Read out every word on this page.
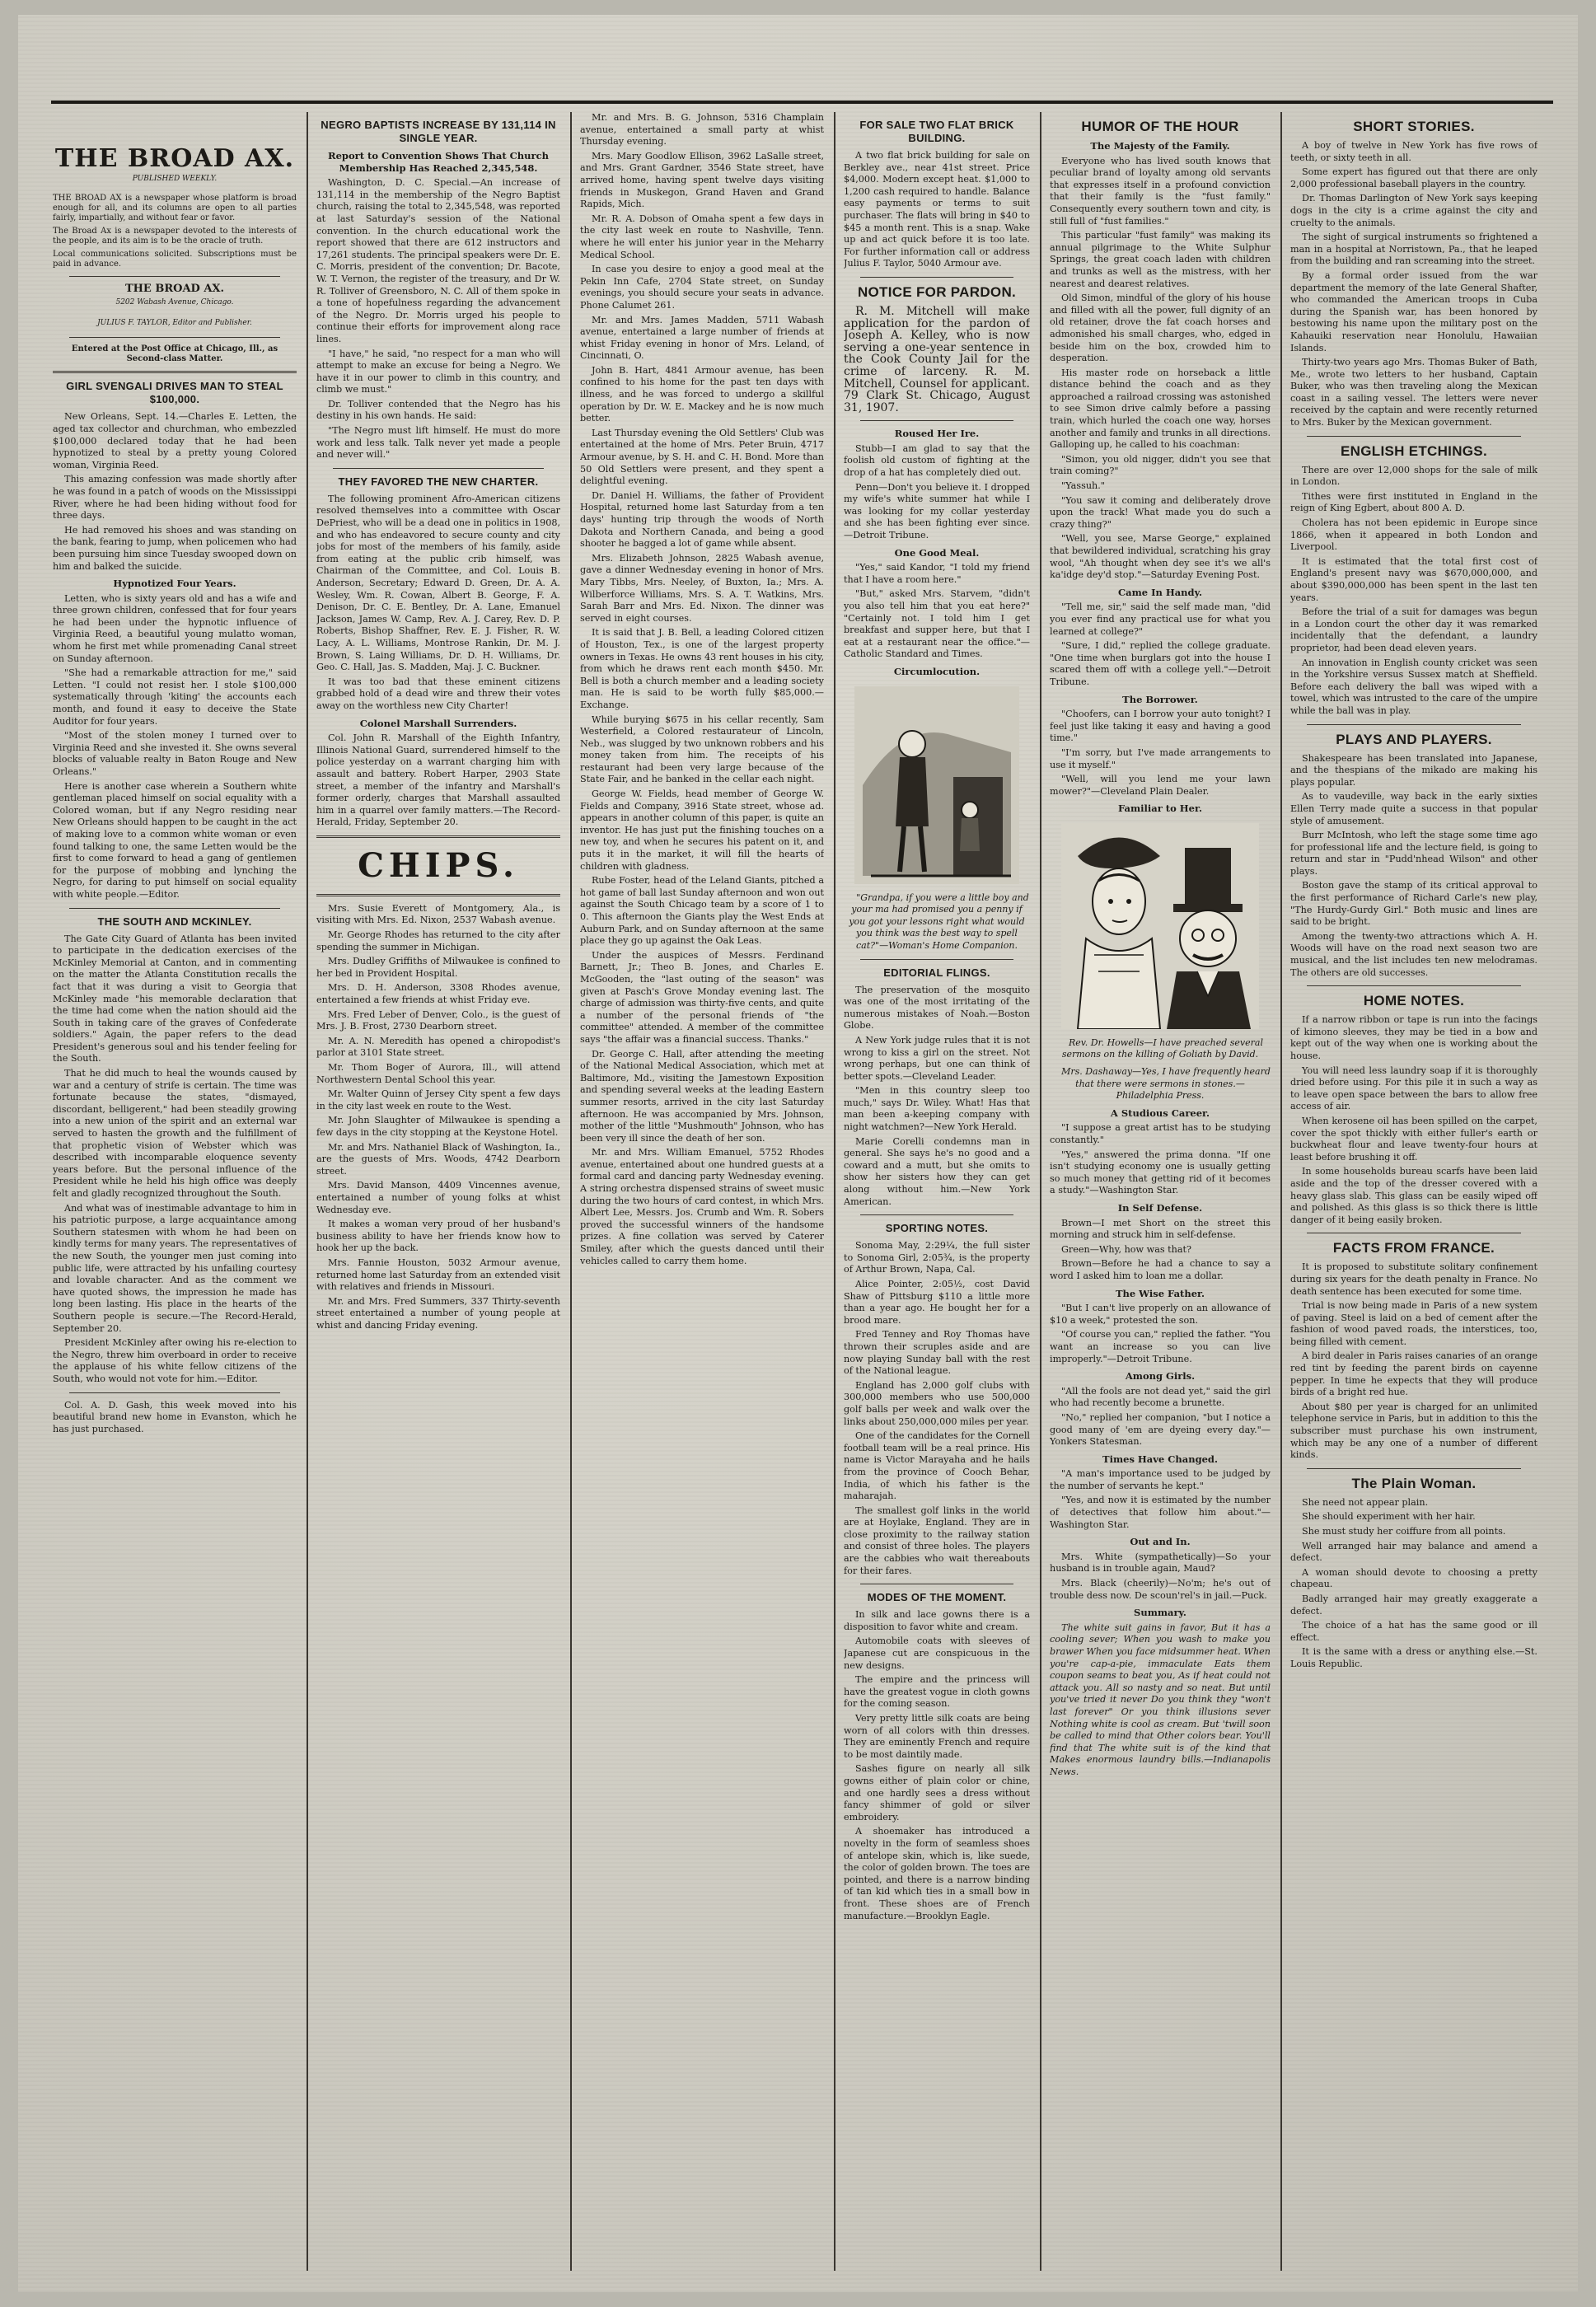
THE BROAD AX.
PUBLISHED WEEKLY.
THE BROAD AX is a newspaper whose platform is broad enough for all, and its columns are open to all parties fairly, impartially, and without fear or favor.
The Broad Ax is a newspaper devoted to the interests of the people, and its aim is to be the oracle of truth.
Local communications solicited. Subscriptions must be paid in advance.
THE BROAD AX.
5202 Wabash Avenue, Chicago.
JULIUS F. TAYLOR, Editor and Publisher.
Entered at the Post Office at Chicago, Ill., as Second-class Matter.
GIRL SVENGALI DRIVES MAN TO STEAL $100,000.

New Orleans, Sept. 14.—Charles E. Letten, the aged tax collector and churchman, who embezzled $100,000 declared today that he had been hypnotized to steal by a pretty young Colored woman, Virginia Reed.

This amazing confession was made shortly after he was found in a patch of woods on the Mississippi River, where he had been hiding without food for three days.

He had removed his shoes and was standing on the bank, fearing to jump, when policemen who had been pursuing him since Tuesday swooped down on him and balked the suicide.

Hypnotized Four Years.

Letten, who is sixty years old and has a wife and three grown children, confessed that for four years he had been under the hypnotic influence of Virginia Reed, a beautiful young mulatto woman, whom he first met while promenading Canal street on Sunday afternoon.

"She had a remarkable attraction for me," said Letten. "I could not resist her. I stole $100,000 systematically through 'kiting' the accounts each month, and found it easy to deceive the State Auditor for four years.

"Most of the stolen money I turned over to Virginia Reed and she invested it. She owns several blocks of valuable realty in Baton Rouge and New Orleans."

Here is another case wherein a Southern white gentleman placed himself on social equality with a Colored woman, but if any Negro residing near New Orleans should happen to be caught in the act of making love to a common white woman or even found talking to one, the same Letten would be the first to come forward to head a gang of gentlemen for the purpose of mobbing and lynching the Negro, for daring to put himself on social equality with white people.—Editor.

THE SOUTH AND MCKINLEY.

The Gate City Guard of Atlanta has been invited to participate in the dedication exercises of the McKinley Memorial at Canton, and in commenting on the matter the Atlanta Constitution recalls the fact that it was during a visit to Georgia that McKinley made "his memorable declaration that the time had come when the nation should aid the South in taking care of the graves of Confederate soldiers." Again, the paper refers to the dead President's generous soul and his tender feeling for the South.

That he did much to heal the wounds caused by war and a century of strife is certain. The time was fortunate because the states, "dismayed, discordant, belligerent," had been steadily growing into a new union of the spirit and an external war served to hasten the growth and the fulfillment of that prophetic vision of Webster which was described with incomparable eloquence seventy years before. But the personal influence of the President while he held his high office was deeply felt and gladly recognized throughout the South.

And what was of inestimable advantage to him in his patriotic purpose, a large acquaintance among Southern statesmen with whom he had been on kindly terms for many years. The representatives of the new South, the younger men just coming into public life, were attracted by his unfailing courtesy and lovable character. And as the comment we have quoted shows, the impression he made has long been lasting. His place in the hearts of the Southern people is secure.—The Record-Herald, September 20.

President McKinley after owing his re-election to the Negro, threw him overboard in order to receive the applause of his white fellow citizens of the South, who would not vote for him.—Editor.

Col. A. D. Gash, this week moved into his beautiful brand new home in Evanston, which he has just purchased.

NEGRO BAPTISTS INCREASE BY 131,114 IN SINGLE YEAR.
Report to Convention Shows That Church Membership Has Reached 2,345,548.

Washington, D. C. Special.—An increase of 131,114 in the membership of the Negro Baptist church, raising the total to 2,345,548, was reported at last Saturday's session of the National convention. In the church educational work the report showed that there are 612 instructors and 17,261 students. The principal speakers were Dr. E. C. Morris, president of the convention; Dr. Bacote, W. T. Vernon, the register of the treasury, and Dr W. R. Tolliver of Greensboro, N. C. All of them spoke in a tone of hopefulness regarding the advancement of the Negro. Dr. Morris urged his people to continue their efforts for improvement along race lines.

"I have," he said, "no respect for a man who will attempt to make an excuse for being a Negro. We have it in our power to climb in this country, and climb we must."

Dr. Tolliver contended that the Negro has his destiny in his own hands. He said:

"The Negro must lift himself. He must do more work and less talk. Talk never yet made a people and never will."

THEY FAVORED THE NEW CHARTER.

The following prominent Afro-American citizens resolved themselves into a committee with Oscar DePriest, who will be a dead one in politics in 1908, and who has endeavored to secure county and city jobs for most of the members of his family, aside from eating at the public crib himself, was Chairman of the Committee, and Col. Louis B. Anderson, Secretary; Edward D. Green, Dr. A. A. Wesley, Wm. R. Cowan, Albert B. George, F. A. Denison, Dr. C. E. Bentley, Dr. A. Lane, Emanuel Jackson, James W. Camp, Rev. A. J. Carey, Rev. D. P. Roberts, Bishop Shaffner, Rev. E. J. Fisher, R. W. Lacy, A. L. Williams, Montrose Rankin, Dr. M. J. Brown, S. Laing Williams, Dr. D. H. Williams, Dr. Geo. C. Hall, Jas. S. Madden, Maj. J. C. Buckner.

It was too bad that these eminent citizens grabbed hold of a dead wire and threw their votes away on the worthless new City Charter!

Colonel Marshall Surrenders.

Col. John R. Marshall of the Eighth Infantry, Illinois National Guard, surrendered himself to the police yesterday on a warrant charging him with assault and battery. Robert Harper, 2903 State street, a member of the infantry and Marshall's former orderly, charges that Marshall assaulted him in a quarrel over family matters.—The Record-Herald, Friday, September 20.

CHIPS.

Mrs. Susie Everett of Montgomery, Ala., is visiting with Mrs. Ed. Nixon, 2537 Wabash avenue.

Mr. George Rhodes has returned to the city after spending the summer in Michigan.

Mrs. Dudley Griffiths of Milwaukee is confined to her bed in Provident Hospital.

Mrs. D. H. Anderson, 3308 Rhodes avenue, entertained a few friends at whist Friday eve.

Mrs. Fred Leber of Denver, Colo., is the guest of Mrs. J. B. Frost, 2730 Dearborn street.

Mr. A. N. Meredith has opened a chiropodist's parlor at 3101 State street.

Mr. Thom Boger of Aurora, Ill., will attend Northwestern Dental School this year.

Mr. Walter Quinn of Jersey City spent a few days in the city last week en route to the West.

Mr. John Slaughter of Milwaukee is spending a few days in the city stopping at the Keystone Hotel.

Mr. and Mrs. Nathaniel Black of Washington, Ia., are the guests of Mrs. Woods, 4742 Dearborn street.

Mrs. David Manson, 4409 Vincennes avenue, entertained a number of young folks at whist Wednesday eve.

It makes a woman very proud of her husband's business ability to have her friends know how to hook her up the back.

Mrs. Fannie Houston, 5032 Armour avenue, returned home last Saturday from an extended visit with relatives and friends in Missouri.

Mr. and Mrs. Fred Summers, 337 Thirty-seventh street entertained a number of young people at whist and dancing Friday evening.

Mr. and Mrs. B. G. Johnson, 5316 Champlain avenue, entertained a small party at whist Thursday evening.

Mrs. Mary Goodlow Ellison, 3962 LaSalle street, and Mrs. Grant Gardner, 3546 State street, have arrived home, having spent twelve days visiting friends in Muskegon, Grand Haven and Grand Rapids, Mich.

Mr. R. A. Dobson of Omaha spent a few days in the city last week en route to Nashville, Tenn. where he will enter his junior year in the Meharry Medical School.

In case you desire to enjoy a good meal at the Pekin Inn Cafe, 2704 State street, on Sunday evenings, you should secure your seats in advance. Phone Calumet 261.

Mr. and Mrs. James Madden, 5711 Wabash avenue, entertained a large number of friends at whist Friday evening in honor of Mrs. Leland, of Cincinnati, O.

John B. Hart, 4841 Armour avenue, has been confined to his home for the past ten days with illness, and he was forced to undergo a skillful operation by Dr. W. E. Mackey and he is now much better.

Last Thursday evening the Old Settlers' Club was entertained at the home of Mrs. Peter Bruin, 4717 Armour avenue, by S. H. and C. H. Bond. More than 50 Old Settlers were present, and they spent a delightful evening.

Dr. Daniel H. Williams, the father of Provident Hospital, returned home last Saturday from a ten days' hunting trip through the woods of North Dakota and Northern Canada, and being a good shooter he bagged a lot of game while absent.

Mrs. Elizabeth Johnson, 2825 Wabash avenue, gave a dinner Wednesday evening in honor of Mrs. Mary Tibbs, Mrs. Neeley, of Buxton, Ia.; Mrs. A. Wilberforce Williams, Mrs. S. A. T. Watkins, Mrs. Sarah Barr and Mrs. Ed. Nixon. The dinner was served in eight courses.

It is said that J. B. Bell, a leading Colored citizen of Houston, Tex., is one of the largest property owners in Texas. He owns 43 rent houses in his city, from which he draws rent each month $450. Mr. Bell is both a church member and a leading society man. He is said to be worth fully $85,000.—Exchange.

While burying $675 in his cellar recently, Sam Westerfield, a Colored restaurateur of Lincoln, Neb., was slugged by two unknown robbers and his money taken from him. The receipts of his restaurant had been very large because of the State Fair, and he banked in the cellar each night.

George W. Fields, head member of George W. Fields and Company, 3916 State street, whose ad. appears in another column of this paper, is quite an inventor. He has just put the finishing touches on a new toy, and when he secures his patent on it, and puts it in the market, it will fill the hearts of children with gladness.

Rube Foster, head of the Leland Giants, pitched a hot game of ball last Sunday afternoon and won out against the South Chicago team by a score of 1 to 0. This afternoon the Giants play the West Ends at Auburn Park, and on Sunday afternoon at the same place they go up against the Oak Leas.

Under the auspices of Messrs. Ferdinand Barnett, Jr.; Theo B. Jones, and Charles E. McGooden, the "last outing of the season" was given at Pasch's Grove Monday evening last. The charge of admission was thirty-five cents, and quite a number of the personal friends of "the committee" attended. A member of the committee says "the affair was a financial success. Thanks."

Dr. George C. Hall, after attending the meeting of the National Medical Association, which met at Baltimore, Md., visiting the Jamestown Exposition and spending several weeks at the leading Eastern summer resorts, arrived in the city last Saturday afternoon. He was accompanied by Mrs. Johnson, mother of the little "Mushmouth" Johnson, who has been very ill since the death of her son.

Mr. and Mrs. William Emanuel, 5752 Rhodes avenue, entertained about one hundred guests at a formal card and dancing party Wednesday evening. A string orchestra dispensed strains of sweet music during the two hours of card contest, in which Mrs. Albert Lee, Messrs. Jos. Crumb and Wm. R. Sobers proved the successful winners of the handsome prizes. A fine collation was served by Caterer Smiley, after which the guests danced until their vehicles called to carry them home.

FOR SALE TWO FLAT BRICK BUILDING.

A two flat brick building for sale on Berkley ave., near 41st street. Price $4,000. Modern except heat. $1,000 to 1,200 cash required to handle. Balance easy payments or terms to suit purchaser. The flats will bring in $40 to $45 a month rent. This is a snap. Wake up and act quick before it is too late. For further information call or address Julius F. Taylor, 5040 Armour ave.

NOTICE FOR PARDON.

R. M. Mitchell will make application for the pardon of Joseph A. Kelley, who is now serving a one-year sentence in the Cook County Jail for the crime of larceny. R. M. Mitchell, Counsel for applicant. 79 Clark St. Chicago, August 31, 1907.

Roused Her Ire.

Stubb—I am glad to say that the foolish old custom of fighting at the drop of a hat has completely died out.

Penn—Don't you believe it. I dropped my wife's white summer hat while I was looking for my collar yesterday and she has been fighting ever since. —Detroit Tribune.

One Good Meal.

"Yes," said Kandor, "I told my friend that I have a room here."

"But," asked Mrs. Starvem, "didn't you also tell him that you eat here?" "Certainly not. I told him I get breakfast and supper here, but that I eat at a restaurant near the office."—Catholic Standard and Times.

Circumlocution.

"Grandpa, if you were a little boy and your ma had promised you a penny if you got your lessons right what would you think was the best way to spell cat?"—Woman's Home Companion.

EDITORIAL FLINGS.

The preservation of the mosquito was one of the most irritating of the numerous mistakes of Noah.—Boston Globe.

A New York judge rules that it is not wrong to kiss a girl on the street. Not wrong perhaps, but one can think of better spots.—Cleveland Leader.

"Men in this country sleep too much," says Dr. Wiley. What! Has that man been a-keeping company with night watchmen?—New York Herald.

Marie Corelli condemns man in general. She says he's no good and a coward and a mutt, but she omits to show her sisters how they can get along without him.—New York American.

SPORTING NOTES.

Sonoma May, 2:29¼, the full sister to Sonoma Girl, 2:05¾, is the property of Arthur Brown, Napa, Cal.

Alice Pointer, 2:05½, cost David Shaw of Pittsburg $110 a little more than a year ago. He bought her for a brood mare.

Fred Tenney and Roy Thomas have thrown their scruples aside and are now playing Sunday ball with the rest of the National league.

England has 2,000 golf clubs with 300,000 members who use 500,000 golf balls per week and walk over the links about 250,000,000 miles per year.

One of the candidates for the Cornell football team will be a real prince. His name is Victor Marayaha and he hails from the province of Cooch Behar, India, of which his father is the maharajah.

The smallest golf links in the world are at Hoylake, England. They are in close proximity to the railway station and consist of three holes. The players are the cabbies who wait thereabouts for their fares.

MODES OF THE MOMENT.

In silk and lace gowns there is a disposition to favor white and cream.

Automobile coats with sleeves of Japanese cut are conspicuous in the new designs.

The empire and the princess will have the greatest vogue in cloth gowns for the coming season.

Very pretty little silk coats are being worn of all colors with thin dresses. They are eminently French and require to be most daintily made.

Sashes figure on nearly all silk gowns either of plain color or chine, and one hardly sees a dress without fancy shimmer of gold or silver embroidery.

A shoemaker has introduced a novelty in the form of seamless shoes of antelope skin, which is, like suede, the color of golden brown. The toes are pointed, and there is a narrow binding of tan kid which ties in a small bow in front. These shoes are of French manufacture.—Brooklyn Eagle.

HUMOR OF THE HOUR
The Majesty of the Family.

Everyone who has lived south knows that peculiar brand of loyalty among old servants that expresses itself in a profound conviction that their family is the "fust family." Consequently every southern town and city, is still full of "fust families."

This particular "fust family" was making its annual pilgrimage to the White Sulphur Springs, the great coach laden with children and trunks as well as the mistress, with her nearest and dearest relatives.

Old Simon, mindful of the glory of his house and filled with all the power, full dignity of an old retainer, drove the fat coach horses and admonished his small charges, who, edged in beside him on the box, crowded him to desperation.

His master rode on horseback a little distance behind the coach and as they approached a railroad crossing was astonished to see Simon drive calmly before a passing train, which hurled the coach one way, horses another and family and trunks in all directions. Galloping up, he called to his coachman:

"Simon, you old nigger, didn't you see that train coming?"

"Yassuh."

"You saw it coming and deliberately drove upon the track! What made you do such a crazy thing?"

"Well, you see, Marse George," explained that bewildered individual, scratching his gray wool, "Ah thought when dey see it's we all's ka'idge dey'd stop."—Saturday Evening Post.

Came In Handy.

"Tell me, sir," said the self made man, "did you ever find any practical use for what you learned at college?"

"Sure, I did," replied the college graduate. "One time when burglars got into the house I scared them off with a college yell."—Detroit Tribune.

The Borrower.

"Choofers, can I borrow your auto tonight? I feel just like taking it easy and having a good time."

"I'm sorry, but I've made arrangements to use it myself."

"Well, will you lend me your lawn mower?"—Cleveland Plain Dealer.

Familiar to Her.

Rev. Dr. Howells—I have preached several sermons on the killing of Goliath by David.

Mrs. Dashaway—Yes, I have frequently heard that there were sermons in stones.—Philadelphia Press.

A Studious Career.

"I suppose a great artist has to be studying constantly."

"Yes," answered the prima donna. "If one isn't studying economy one is usually getting so much money that getting rid of it becomes a study."—Washington Star.

In Self Defense.

Brown—I met Short on the street this morning and struck him in self-defense.

Green—Why, how was that?

Brown—Before he had a chance to say a word I asked him to loan me a dollar.

The Wise Father.

"But I can't live properly on an allowance of $10 a week," protested the son.

"Of course you can," replied the father. "You want an increase so you can live improperly."—Detroit Tribune.

Among Girls.

"All the fools are not dead yet," said the girl who had recently become a brunette.

"No," replied her companion, "but I notice a good many of 'em are dyeing every day."—Yonkers Statesman.

Times Have Changed.

"A man's importance used to be judged by the number of servants he kept."

"Yes, and now it is estimated by the number of detectives that follow him about."—Washington Star.

Out and In.

Mrs. White (sympathetically)—So your husband is in trouble again, Maud?

Mrs. Black (cheerily)—No'm; he's out of trouble dess now. De scoun'rel's in jail.—Puck.

Summary.

The white suit gains in favor, But it has a cooling sever; When you wash to make you brawer When you face midsummer heat. When you're cap-a-pie, immaculate Eats them coupon seams to beat you, As if heat could not attack you. All so nasty and so neat. But until you've tried it never Do you think they "won't last forever" Or you think illusions sever Nothing white is cool as cream. But 'twill soon be called to mind that Other colors bear. You'll find that The white suit is of the kind that Makes enormous laundry bills.—Indianapolis News.

SHORT STORIES.

A boy of twelve in New York has five rows of teeth, or sixty teeth in all.

Some expert has figured out that there are only 2,000 professional baseball players in the country.

Dr. Thomas Darlington of New York says keeping dogs in the city is a crime against the city and cruelty to the animals.

The sight of surgical instruments so frightened a man in a hospital at Norristown, Pa., that he leaped from the building and ran screaming into the street.

By a formal order issued from the war department the memory of the late General Shafter, who commanded the American troops in Cuba during the Spanish war, has been honored by bestowing his name upon the military post on the Kahauiki reservation near Honolulu, Hawaiian Islands.

Thirty-two years ago Mrs. Thomas Buker of Bath, Me., wrote two letters to her husband, Captain Buker, who was then traveling along the Mexican coast in a sailing vessel. The letters were never received by the captain and were recently returned to Mrs. Buker by the Mexican government.

ENGLISH ETCHINGS.

There are over 12,000 shops for the sale of milk in London.

Tithes were first instituted in England in the reign of King Egbert, about 800 A. D.

Cholera has not been epidemic in Europe since 1866, when it appeared in both London and Liverpool.

It is estimated that the total first cost of England's present navy was $670,000,000, and about $390,000,000 has been spent in the last ten years.

Before the trial of a suit for damages was begun in a London court the other day it was remarked incidentally that the defendant, a laundry proprietor, had been dead eleven years.

An innovation in English county cricket was seen in the Yorkshire versus Sussex match at Sheffield. Before each delivery the ball was wiped with a towel, which was intrusted to the care of the umpire while the ball was in play.

PLAYS AND PLAYERS.

Shakespeare has been translated into Japanese, and the thespians of the mikado are making his plays popular.

As to vaudeville, way back in the early sixties Ellen Terry made quite a success in that popular style of amusement.

Burr McIntosh, who left the stage some time ago for professional life and the lecture field, is going to return and star in "Pudd'nhead Wilson" and other plays.

Boston gave the stamp of its critical approval to the first performance of Richard Carle's new play, "The Hurdy-Gurdy Girl." Both music and lines are said to be bright.

Among the twenty-two attractions which A. H. Woods will have on the road next season two are musical, and the list includes ten new melodramas. The others are old successes.

HOME NOTES.

If a narrow ribbon or tape is run into the facings of kimono sleeves, they may be tied in a bow and kept out of the way when one is working about the house.

You will need less laundry soap if it is thoroughly dried before using. For this pile it in such a way as to leave open space between the bars to allow free access of air.

When kerosene oil has been spilled on the carpet, cover the spot thickly with either fuller's earth or buckwheat flour and leave twenty-four hours at least before brushing it off.

In some households bureau scarfs have been laid aside and the top of the dresser covered with a heavy glass slab. This glass can be easily wiped off and polished. As this glass is so thick there is little danger of it being easily broken.

FACTS FROM FRANCE.

It is proposed to substitute solitary confinement during six years for the death penalty in France. No death sentence has been executed for some time.

Trial is now being made in Paris of a new system of paving. Steel is laid on a bed of cement after the fashion of wood paved roads, the interstices, too, being filled with cement.

A bird dealer in Paris raises canaries of an orange red tint by feeding the parent birds on cayenne pepper. In time he expects that they will produce birds of a bright red hue.

About $80 per year is charged for an unlimited telephone service in Paris, but in addition to this the subscriber must purchase his own instrument, which may be any one of a number of different kinds.

The Plain Woman.

She need not appear plain.

She should experiment with her hair.

She must study her coiffure from all points.

Well arranged hair may balance and amend a defect.

A woman should devote to choosing a pretty chapeau.

Badly arranged hair may greatly exaggerate a defect.

The choice of a hat has the same good or ill effect.

It is the same with a dress or anything else.—St. Louis Republic.
